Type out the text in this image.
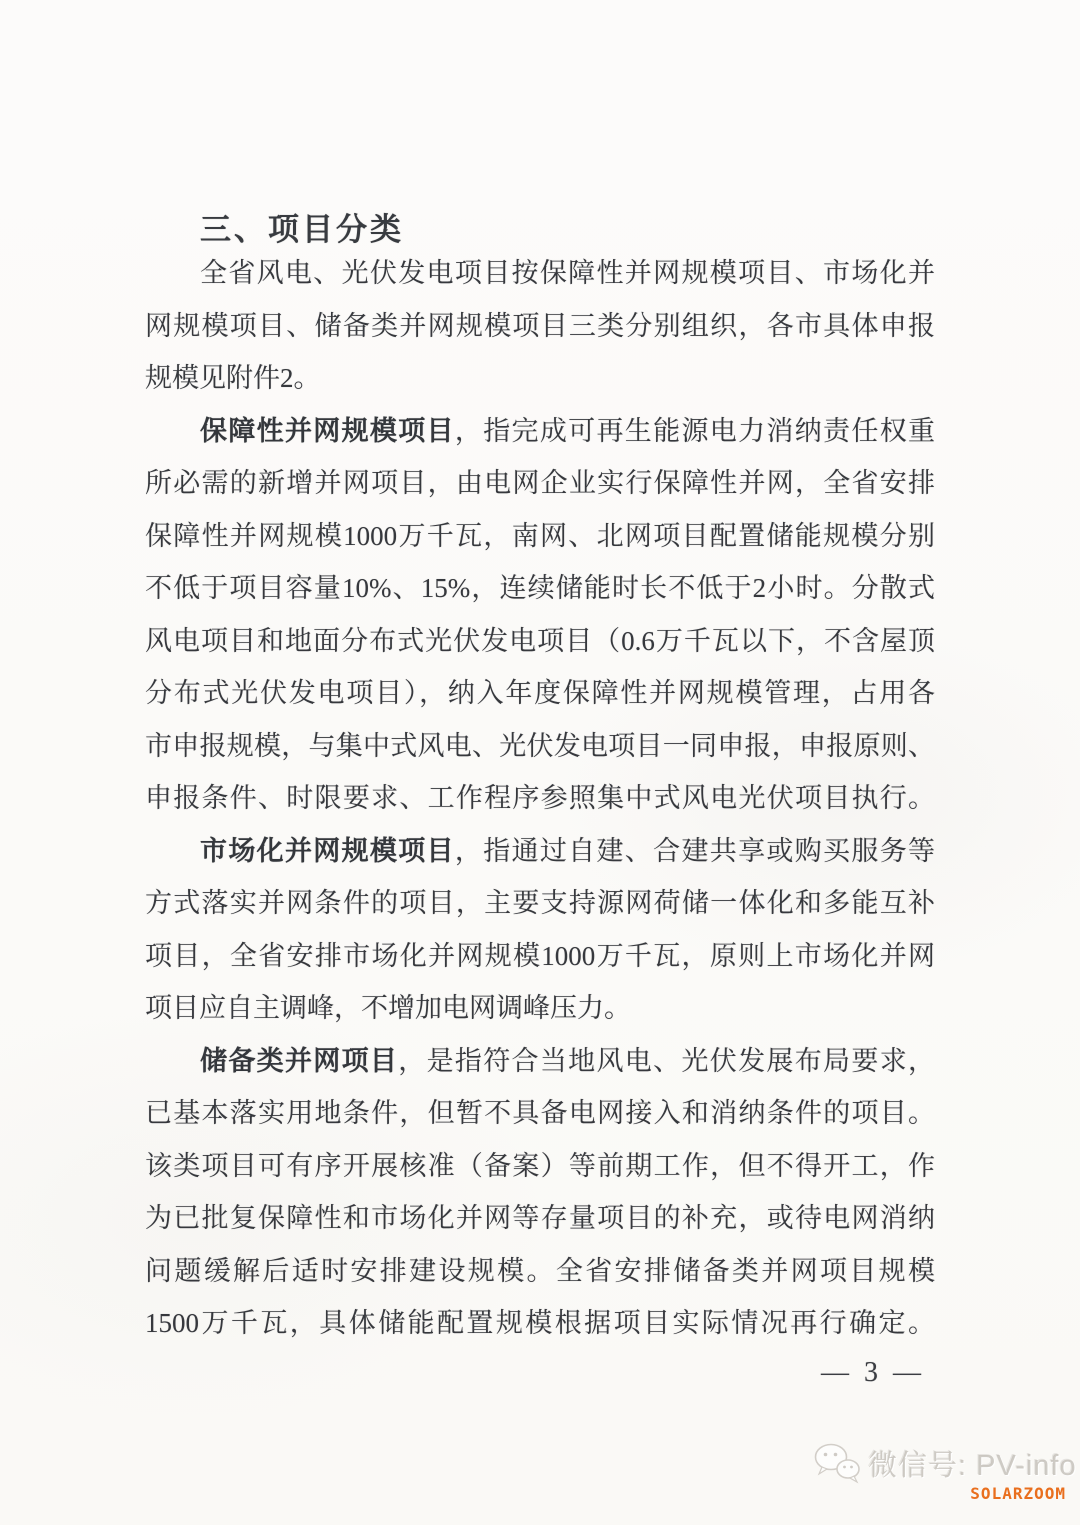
三、项目分类
全省风电、光伏发电项目按保障性并网规模项目、市场化并
网规模项目、储备类并网规模项目三类分别组织，各市具体申报
规模见附件2。
保障性并网规模项目，指完成可再生能源电力消纳责任权重
所必需的新增并网项目，由电网企业实行保障性并网，全省安排
保障性并网规模1000万千瓦，南网、北网项目配置储能规模分别
不低于项目容量10%、15%，连续储能时长不低于2小时。分散式
风电项目和地面分布式光伏发电项目（0.6万千瓦以下，不含屋顶
分布式光伏发电项目），纳入年度保障性并网规模管理，占用各
市申报规模，与集中式风电、光伏发电项目一同申报，申报原则、
申报条件、时限要求、工作程序参照集中式风电光伏项目执行。
市场化并网规模项目，指通过自建、合建共享或购买服务等
方式落实并网条件的项目，主要支持源网荷储一体化和多能互补
项目，全省安排市场化并网规模1000万千瓦，原则上市场化并网
项目应自主调峰，不增加电网调峰压力。
储备类并网项目，是指符合当地风电、光伏发展布局要求，
已基本落实用地条件，但暂不具备电网接入和消纳条件的项目。
该类项目可有序开展核准（备案）等前期工作，但不得开工，作
为已批复保障性和市场化并网等存量项目的补充，或待电网消纳
问题缓解后适时安排建设规模。全省安排储备类并网项目规模
1500万千瓦，具体储能配置规模根据项目实际情况再行确定。
— 3 —
微信号: PV-info
SOLARZOOM
